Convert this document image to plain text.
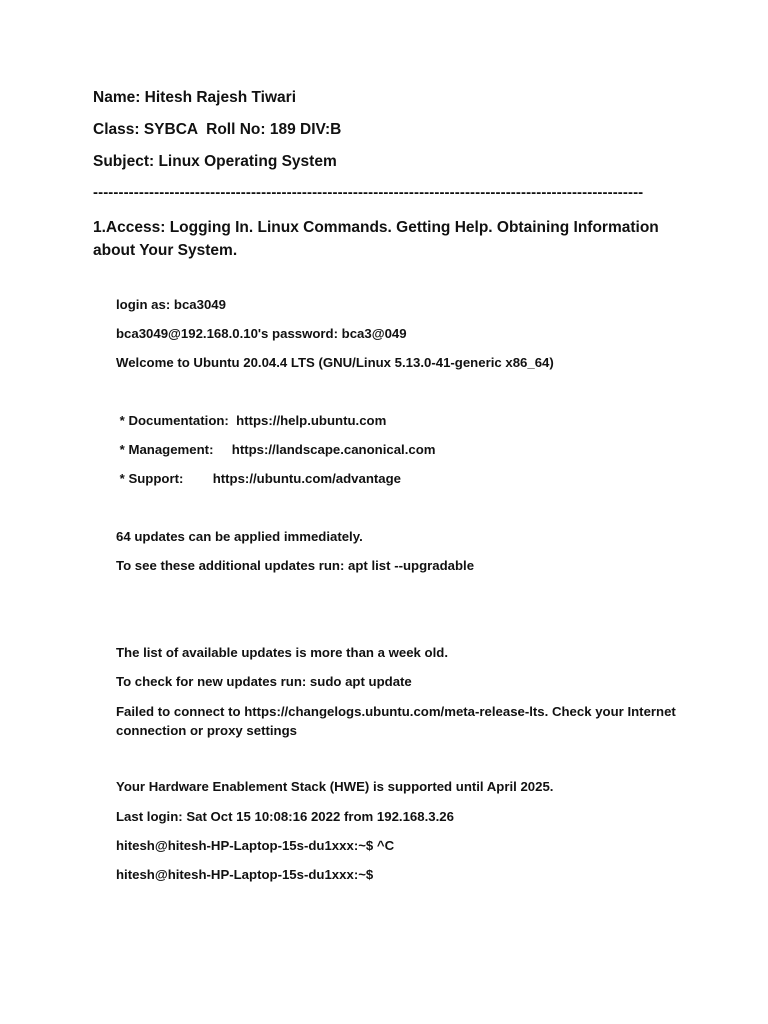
Name: Hitesh Rajesh Tiwari
Class: SYBCA  Roll No: 189 DIV:B
Subject: Linux Operating System
------------------------------------------------------------------------------------------------------------
1.Access: Logging In. Linux Commands. Getting Help. Obtaining Information about Your System.
login as: bca3049
bca3049@192.168.0.10's password: bca3@049
Welcome to Ubuntu 20.04.4 LTS (GNU/Linux 5.13.0-41-generic x86_64)
* Documentation:  https://help.ubuntu.com
* Management:     https://landscape.canonical.com
* Support:        https://ubuntu.com/advantage
64 updates can be applied immediately.
To see these additional updates run: apt list --upgradable
The list of available updates is more than a week old.
To check for new updates run: sudo apt update
Failed to connect to https://changelogs.ubuntu.com/meta-release-lts. Check your Internet connection or proxy settings
Your Hardware Enablement Stack (HWE) is supported until April 2025.
Last login: Sat Oct 15 10:08:16 2022 from 192.168.3.26
hitesh@hitesh-HP-Laptop-15s-du1xxx:~$ ^C
hitesh@hitesh-HP-Laptop-15s-du1xxx:~$
